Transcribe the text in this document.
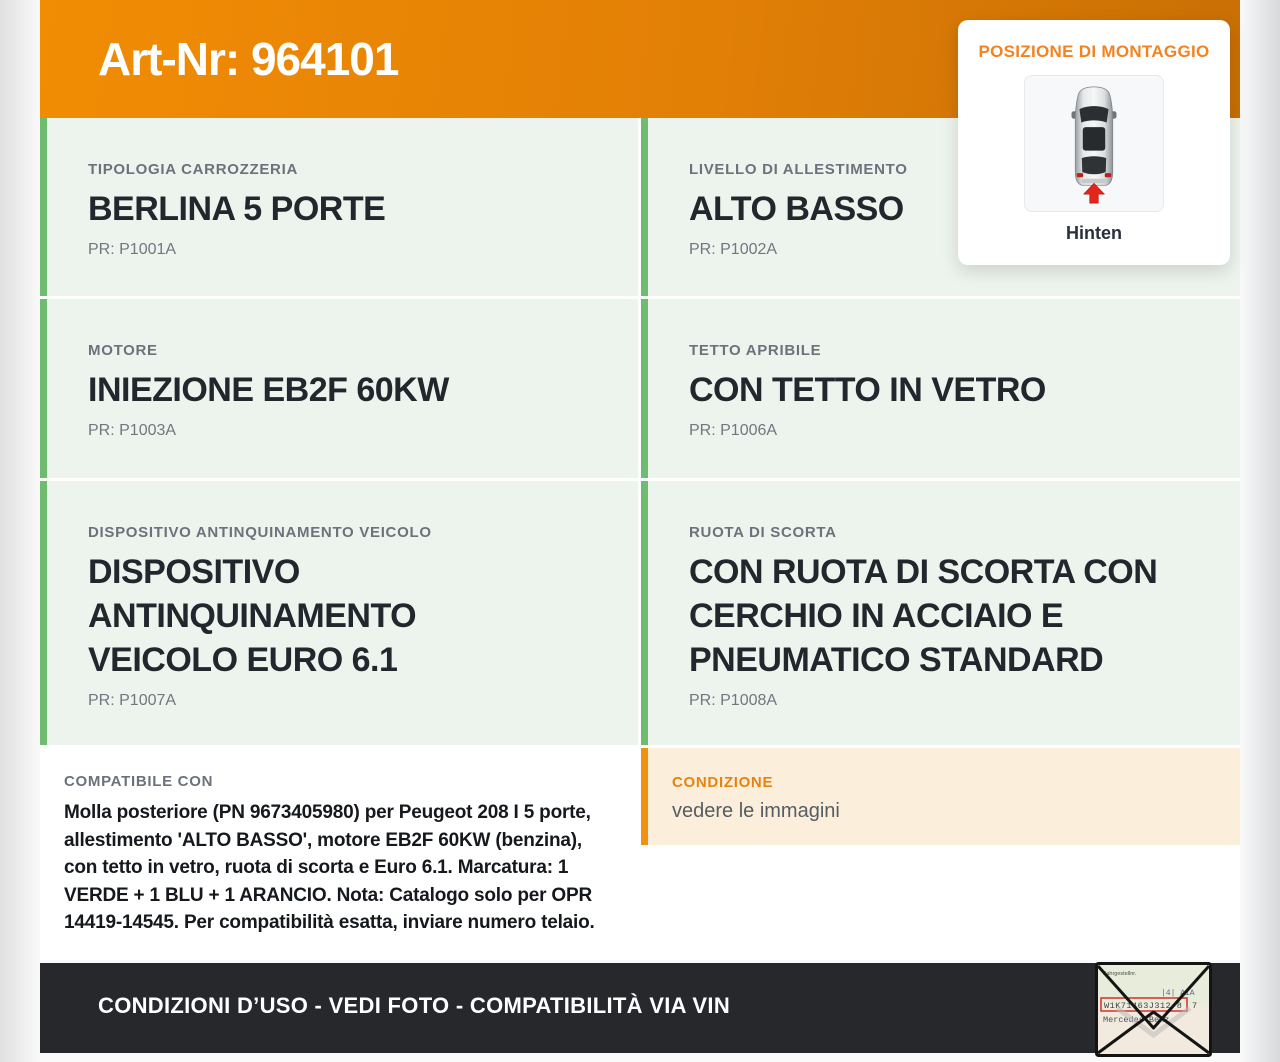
Art-Nr: 964101
TIPOLOGIA CARROZZERIA
BERLINA 5 PORTE
PR: P1001A
LIVELLO DI ALLESTIMENTO
ALTO BASSO
PR: P1002A
MOTORE
INIEZIONE EB2F 60KW
PR: P1003A
TETTO APRIBILE
CON TETTO IN VETRO
PR: P1006A
DISPOSITIVO ANTINQUINAMENTO VEICOLO
DISPOSITIVO ANTINQUINAMENTO VEICOLO EURO 6.1
PR: P1007A
RUOTA DI SCORTA
CON RUOTA DI SCORTA CON CERCHIO IN ACCIAIO E PNEUMATICO STANDARD
PR: P1008A
COMPATIBILE CON

Molla posteriore (PN 9673405980) per Peugeot 208 I 5 porte, allestimento 'ALTO BASSO', motore EB2F 60KW (benzina), con tetto in vetro, ruota di scorta e Euro 6.1. Marcatura: 1 VERDE + 1 BLU + 1 ARANCIO. Nota: Catalogo solo per OPR 14419-14545. Per compatibilità esatta, inviare numero telaio.

CONDIZIONE
vedere le immagini
CONDIZIONI D’USO - VEDI FOTO - COMPATIBILITÀ VIA VIN
POSIZIONE DI MONTAGGIO
Hinten
Fahrgestellnr.
|4| AiA
W1K71463J312 8 7
Mercedes-Benz
